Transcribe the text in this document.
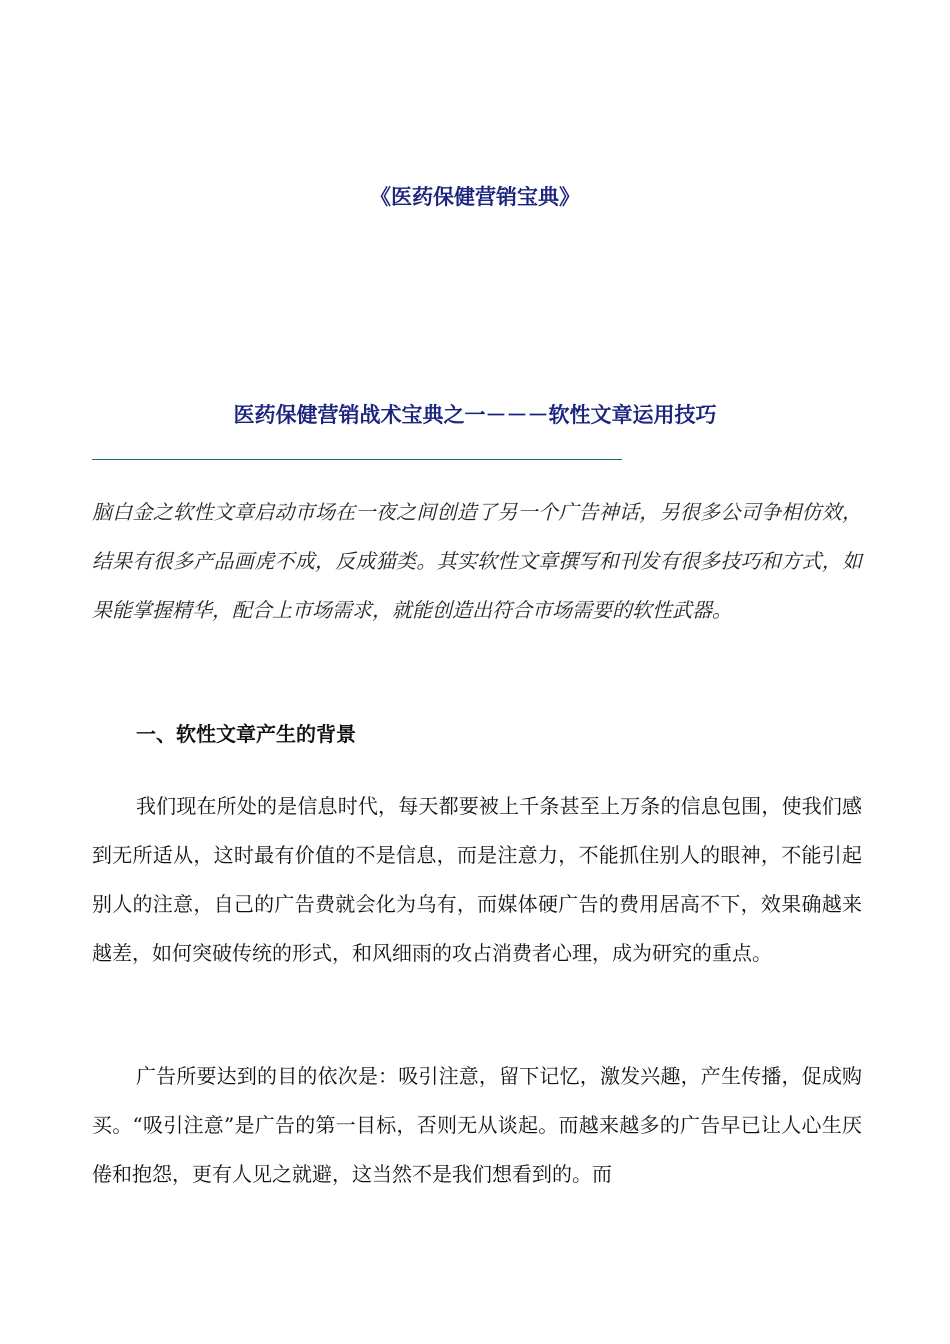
《医药保健营销宝典》
医药保健营销战术宝典之一－－－软性文章运用技巧

脑白金之软性文章启动市场在一夜之间创造了另一个广告神话，另很多公司争相仿效，结果有很多产品画虎不成，反成猫类。其实软性文章撰写和刊发有很多技巧和方式，如果能掌握精华，配合上市场需求，就能创造出符合市场需要的软性武器。

一、软性文章产生的背景

我们现在所处的是信息时代，每天都要被上千条甚至上万条的信息包围，使我们感到无所适从，这时最有价值的不是信息，而是注意力，不能抓住别人的眼神，不能引起别人的注意，自己的广告费就会化为乌有，而媒体硬广告的费用居高不下，效果确越来越差，如何突破传统的形式，和风细雨的攻占消费者心理，成为研究的重点。

广告所要达到的目的依次是：吸引注意，留下记忆，激发兴趣，产生传播，促成购买。“吸引注意”是广告的第一目标，否则无从谈起。而越来越多的广告早已让人心生厌倦和抱怨，更有人见之就避，这当然不是我们想看到的。而
